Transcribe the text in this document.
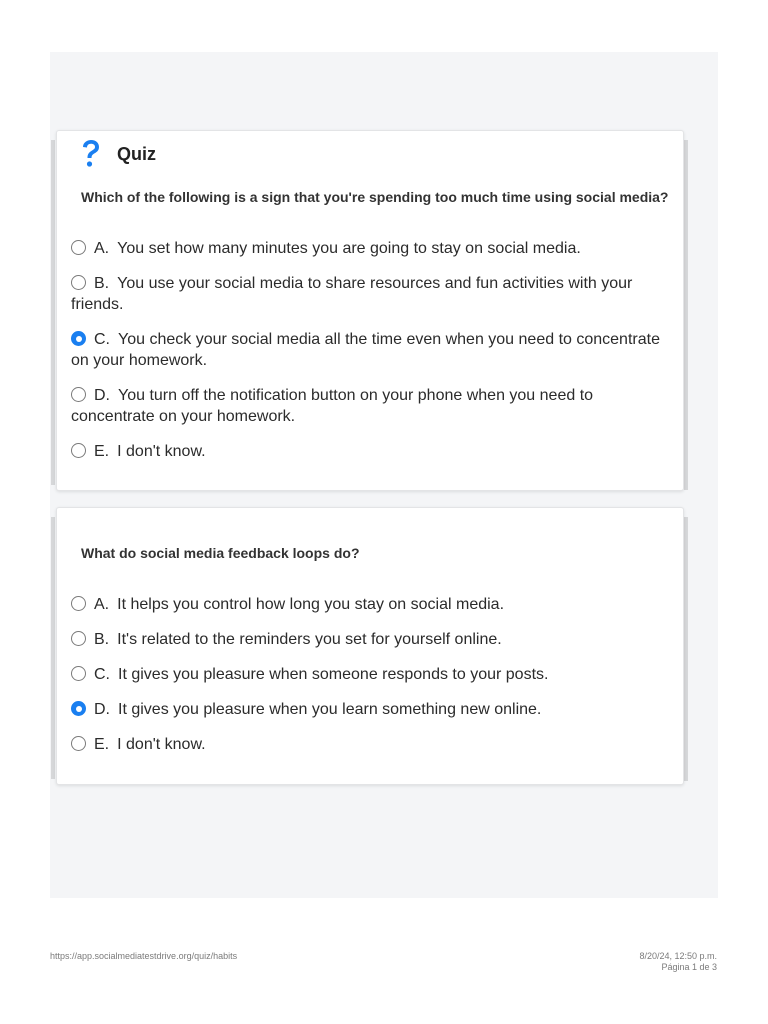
Quiz
Which of the following is a sign that you're spending too much time using social media?
A. You set how many minutes you are going to stay on social media.
B. You use your social media to share resources and fun activities with your friends.
C. You check your social media all the time even when you need to concentrate on your homework.
D. You turn off the notification button on your phone when you need to concentrate on your homework.
E. I don't know.
What do social media feedback loops do?
A. It helps you control how long you stay on social media.
B. It's related to the reminders you set for yourself online.
C. It gives you pleasure when someone responds to your posts.
D. It gives you pleasure when you learn something new online.
E. I don't know.
https://app.socialmediatestdrive.org/quiz/habits	8/20/24, 12:50 p.m.
Página 1 de 3
